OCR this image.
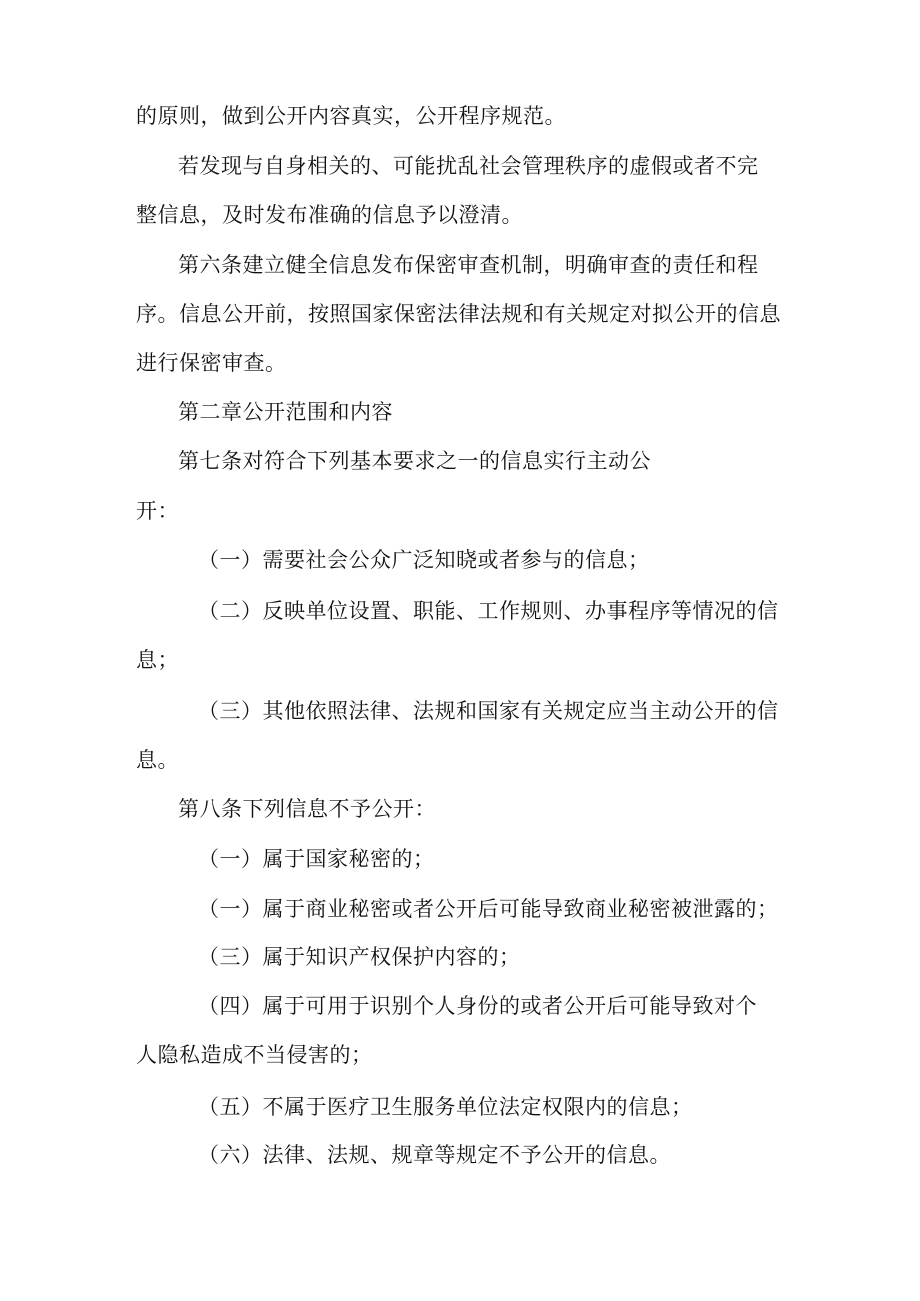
的原则，做到公开内容真实，公开程序规范。
若发现与自身相关的、可能扰乱社会管理秩序的虚假或者不完
整信息，及时发布准确的信息予以澄清。
第六条建立健全信息发布保密审查机制，明确审查的责任和程
序。信息公开前，按照国家保密法律法规和有关规定对拟公开的信息
进行保密审查。
第二章公开范围和内容
第七条对符合下列基本要求之一的信息实行主动公
开：
（一）需要社会公众广泛知晓或者参与的信息；
（二）反映单位设置、职能、工作规则、办事程序等情况的信
息；
（三）其他依照法律、法规和国家有关规定应当主动公开的信
息。
第八条下列信息不予公开：
（一）属于国家秘密的；
（一）属于商业秘密或者公开后可能导致商业秘密被泄露的；
（三）属于知识产权保护内容的；
（四）属于可用于识别个人身份的或者公开后可能导致对个
人隐私造成不当侵害的；
（五）不属于医疗卫生服务单位法定权限内的信息；
（六）法律、法规、规章等规定不予公开的信息。
